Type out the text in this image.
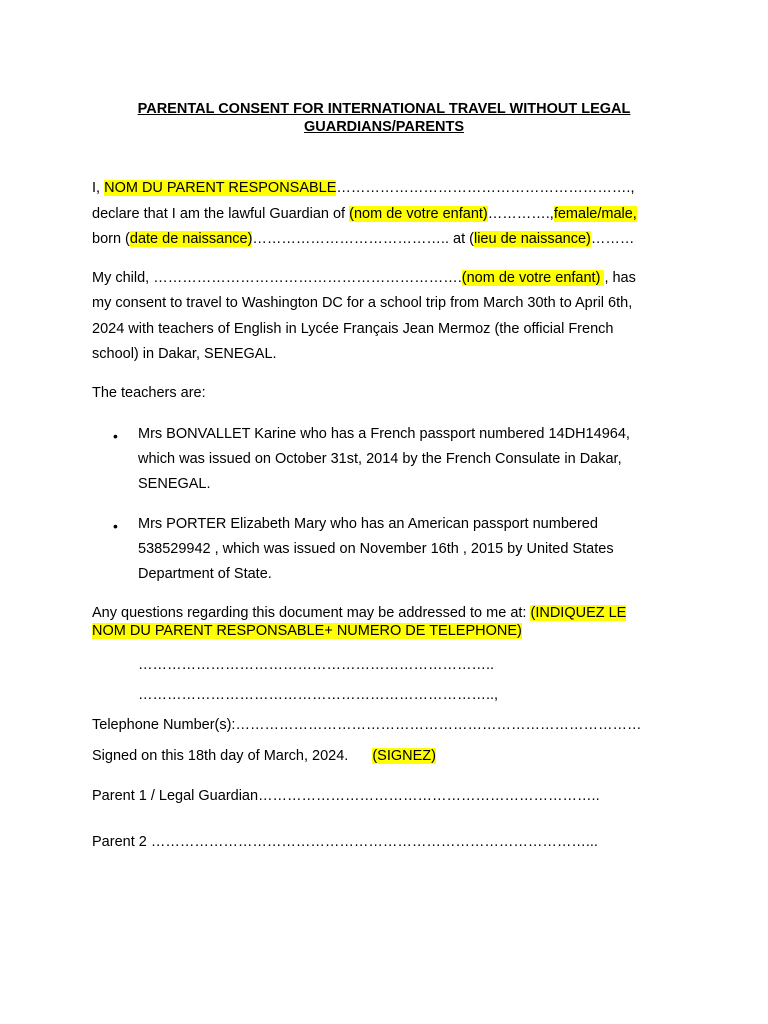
PARENTAL CONSENT FOR INTERNATIONAL TRAVEL WITHOUT LEGAL
GUARDIANS/PARENTS
I, NOM DU PARENT RESPONSABLE…………………………………………………….,
declare that I am the lawful Guardian of (nom de votre enfant)………….,female/male,
born (date de naissance)………………………………….. at (lieu de naissance)………
My child, ……………………………………………………….(nom de votre enfant) , has
my consent to travel to Washington DC for a school trip from March 30th to April 6th,
2024 with teachers of English in Lycée Français Jean Mermoz (the official French
school) in Dakar, SENEGAL.
The teachers are:
• Mrs BONVALLET Karine who has a French passport numbered 14DH14964,
which was issued on October 31st, 2014 by the French Consulate in Dakar,
SENEGAL.
• Mrs PORTER Elizabeth Mary who has an American passport numbered
538529942 , which was issued on November 16th , 2015 by United States
Department of State.
Any questions regarding this document may be addressed to me at: (INDIQUEZ LE
NOM DU PARENT RESPONSABLE+ NUMERO DE TELEPHONE)
………………………………………………………………..
………………………………………………………………..,
Telephone Number(s):…………………………………………………………………………
Signed on this 18th day of March, 2024. (SIGNEZ)
Parent 1 / Legal Guardian……………………………………………………………..
Parent 2 ………………………………………………………………………………...
